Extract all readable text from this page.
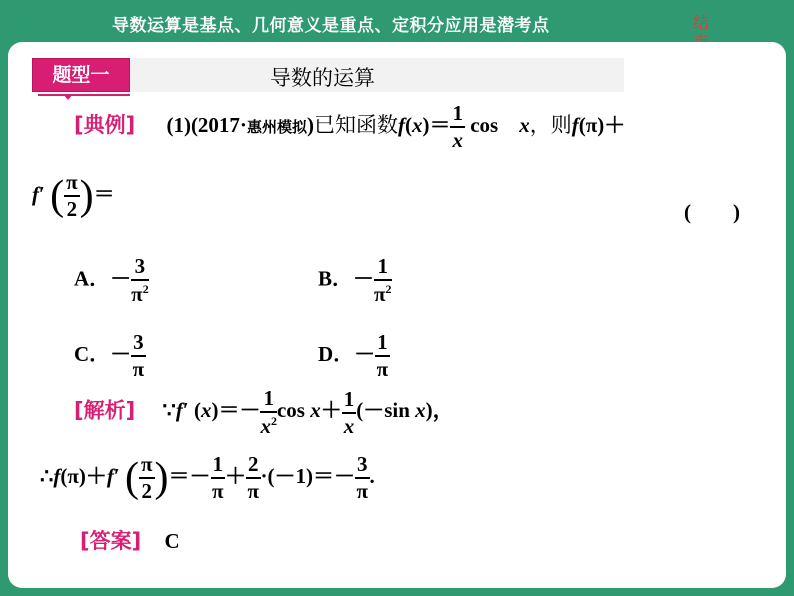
导数运算是基点、几何意义是重点、定积分应用是潜考点	结
题型一	导数的运算
[典例] (1)(2017·惠州模拟)已知函数$f(x)= \frac{1}{x}$ cos　x，则f(π)＋
f′ ( $\frac{\pi}{2}$ )＝
(　　)
A．－ $\frac{3}{\pi^2}$	B．－ $\frac{1}{\pi^2}$
C．－ $\frac{3}{\pi}$	D．－ $\frac{1}{\pi}$
[解析] ∵f′ $(x)=- \frac{1}{x^2}$ $\cos x+ \frac{1}{x} (-\sin$ x)，
∴f(π)＋f′ ( $\frac{\pi}{2}$ )＝－ $\frac{1}{\pi} + \frac{2}{\pi} \cdot(-1)=- \frac{3}{\pi}$ .
[答案] C
